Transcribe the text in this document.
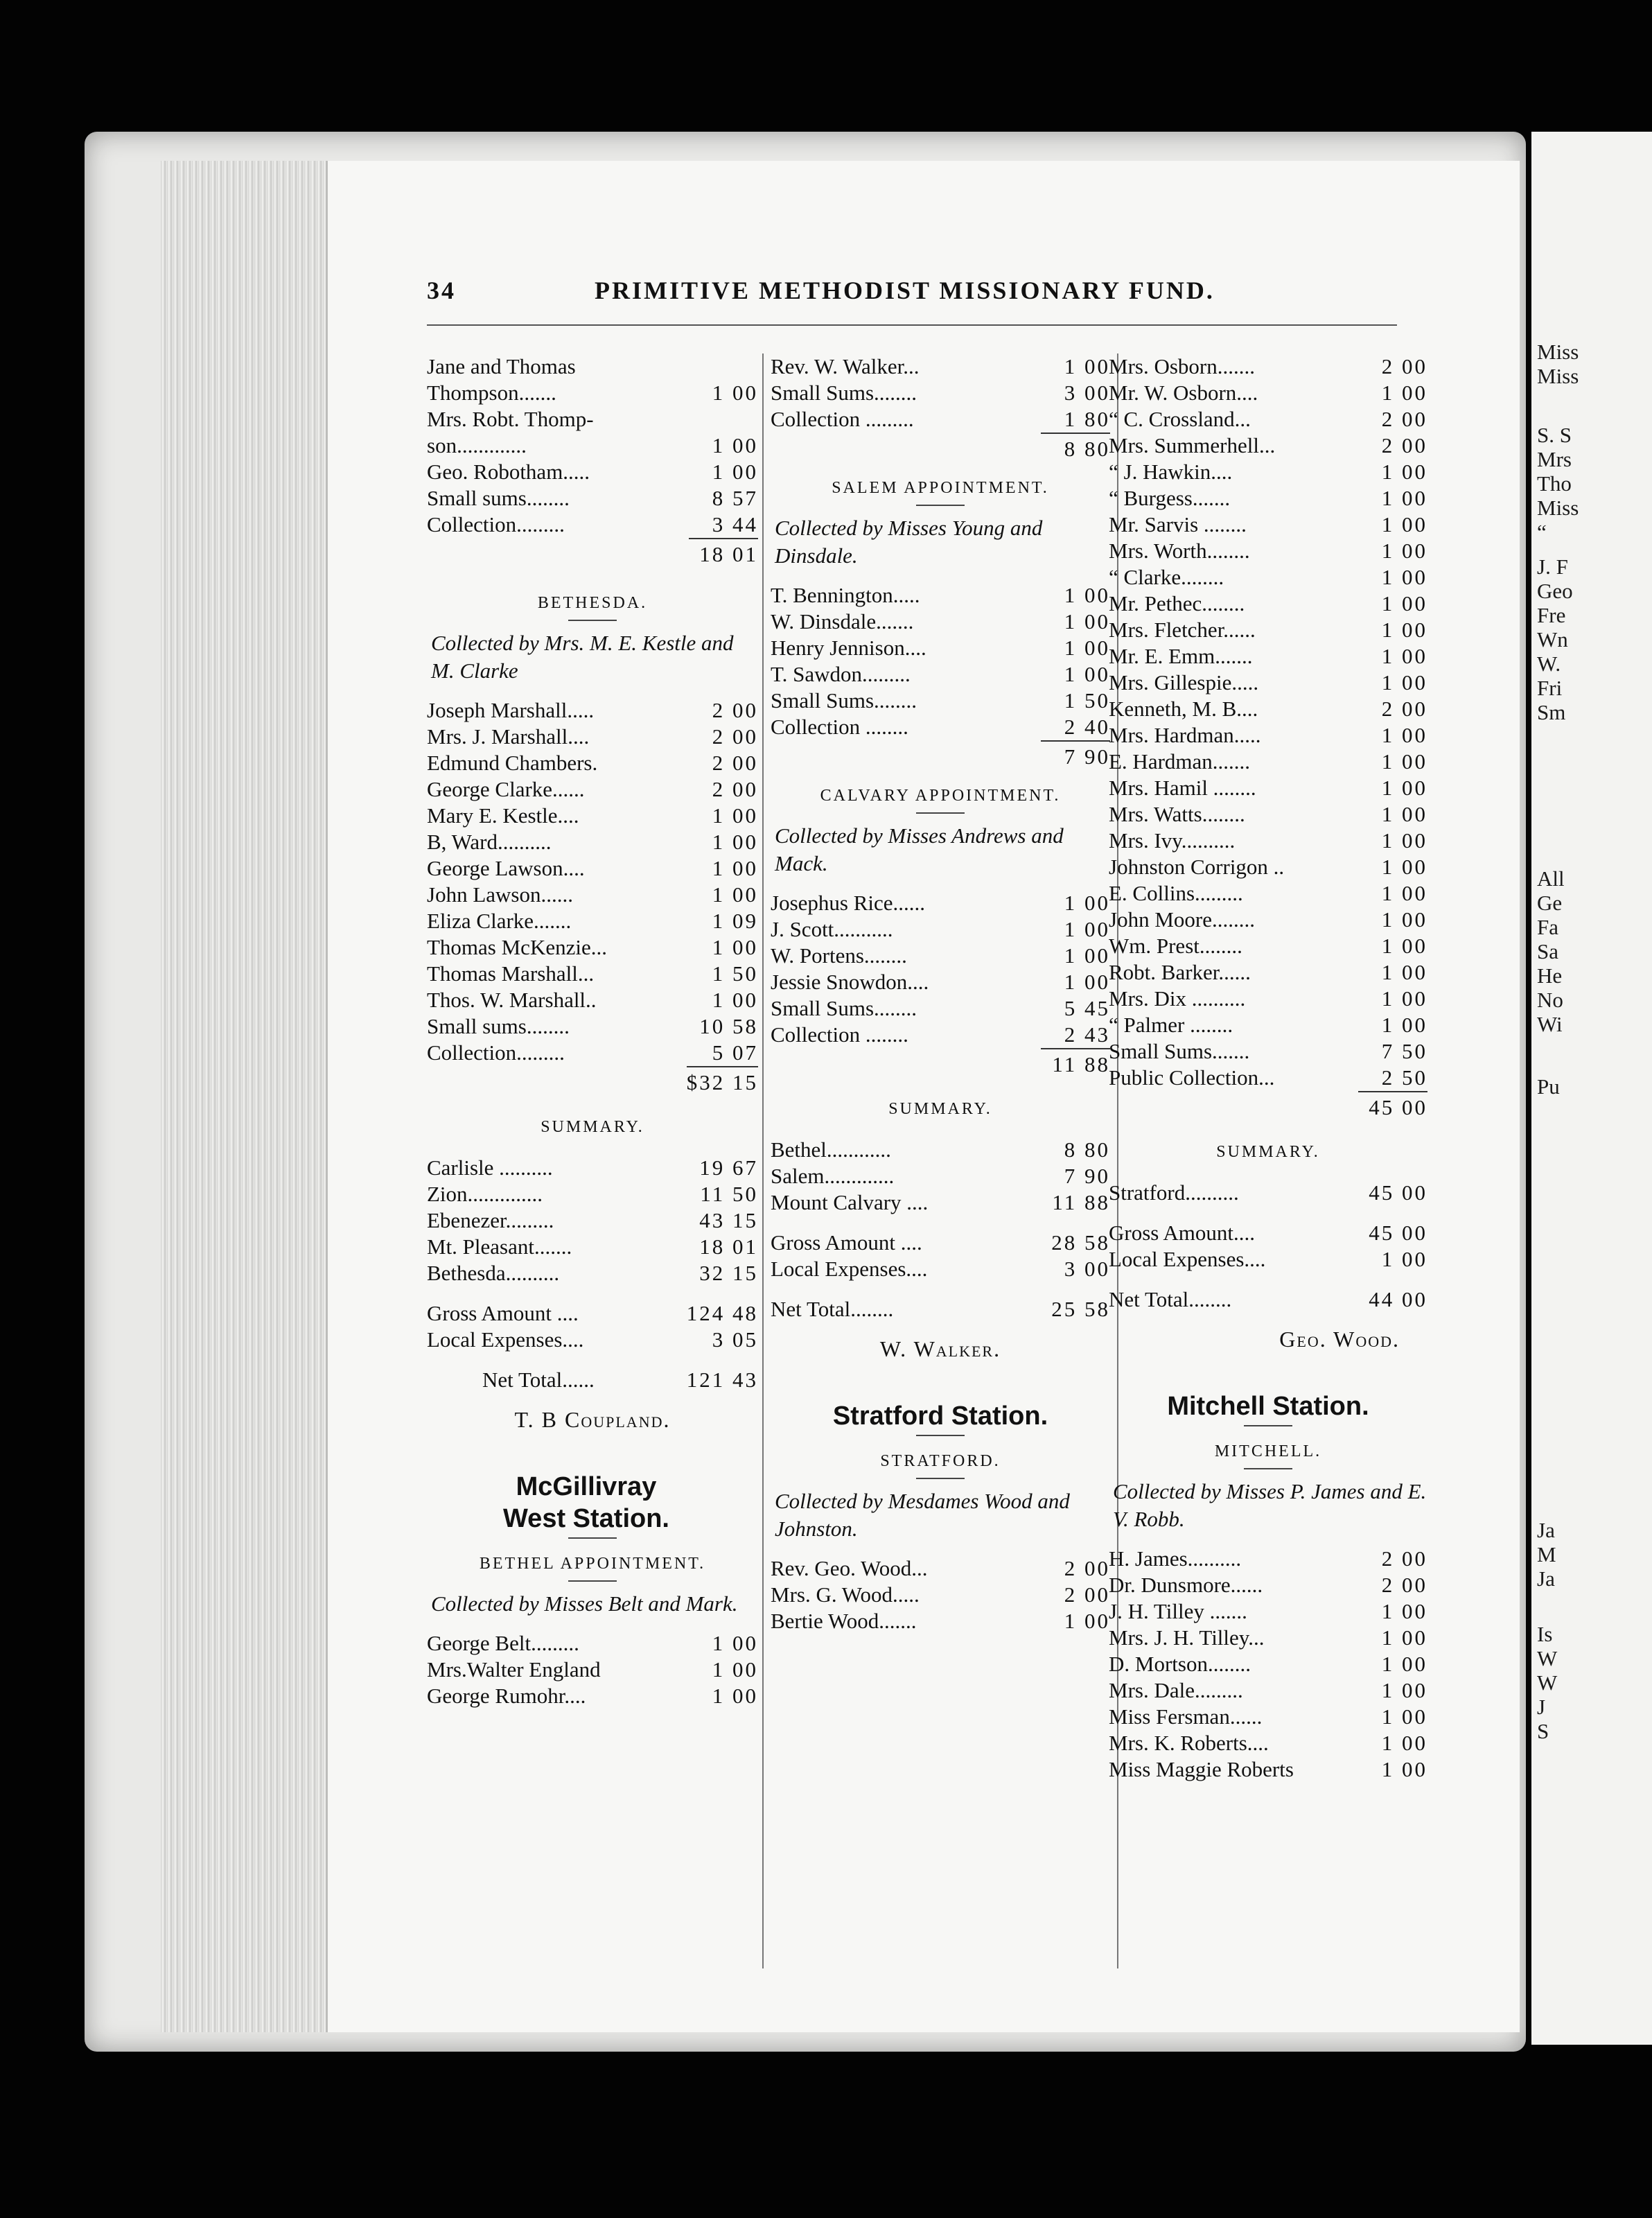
Miss
Miss
S. S
Mrs
Tho
Miss
“
J. F
Geo
Fre
Wn
W.
Fri
Sm
All
Ge
Fa
Sa
He
No
Wi
Pu
Ja
M
Ja
Is
W
W
J
S
34	PRIMITIVE METHODIST MISSIONARY FUND.
Jane and Thomas
Thompson.......	1 00
Mrs. Robt. Thomp-
son.............	1 00
Geo. Robotham.....	1 00
Small sums........	8 57
Collection.........	3 44
18 01
BETHESDA.
Collected by Mrs. M. E. Kestle and M. Clarke
Joseph Marshall.....	2 00
Mrs. J. Marshall....	2 00
Edmund Chambers.	2 00
George Clarke......	2 00
Mary E. Kestle....	1 00
B, Ward..........	1 00
George Lawson....	1 00
John Lawson......	1 00
Eliza Clarke.......	1 09
Thomas McKenzie...	1 00
Thomas Marshall...	1 50
Thos. W. Marshall..	1 00
Small sums........	10 58
Collection.........	5 07
$32 15
SUMMARY.
Carlisle ..........	19 67
Zion..............	11 50
Ebenezer.........	43 15
Mt. Pleasant.......	18 01
Bethesda..........	32 15
Gross Amount ....	124 48
Local Expenses....	3 05
Net Total......	121 43
T. B Coupland.
McGillivray West Station.
BETHEL APPOINTMENT.
Collected by Misses Belt and Mark.
George Belt.........	1 00
Mrs.Walter England	1 00
George Rumohr....	1 00
Rev. W. Walker...	1 00
Small Sums........	3 00
Collection .........	1 80
8 80
SALEM APPOINTMENT.
Collected by Misses Young and Dinsdale.
T. Bennington.....	1 00
W. Dinsdale.......	1 00
Henry Jennison....	1 00
T. Sawdon.........	1 00
Small Sums........	1 50
Collection ........	2 40
7 90
CALVARY APPOINTMENT.
Collected by Misses Andrews and Mack.
Josephus Rice......	1 00
J. Scott...........	1 00
W. Portens........	1 00
Jessie Snowdon....	1 00
Small Sums........	5 45
Collection ........	2 43
11 88
SUMMARY.
Bethel............	8 80
Salem.............	7 90
Mount Calvary ....	11 88
Gross Amount ....	28 58
Local Expenses....	3 00
Net Total........	25 58
W. Walker.
Stratford Station.
STRATFORD.
Collected by Mesdames Wood and Johnston.
Rev. Geo. Wood...	2 00
Mrs. G. Wood.....	2 00
Bertie Wood.......	1 00
Mrs. Osborn.......	2 00
Mr. W. Osborn....	1 00
“ C. Crossland...	2 00
Mrs. Summerhell...	2 00
“ J. Hawkin....	1 00
“ Burgess.......	1 00
Mr. Sarvis ........	1 00
Mrs. Worth........	1 00
“ Clarke........	1 00
Mr. Pethec........	1 00
Mrs. Fletcher......	1 00
Mr. E. Emm.......	1 00
Mrs. Gillespie.....	1 00
Kenneth, M. B....	2 00
Mrs. Hardman.....	1 00
E. Hardman.......	1 00
Mrs. Hamil ........	1 00
Mrs. Watts........	1 00
Mrs. Ivy..........	1 00
Johnston Corrigon ..	1 00
E. Collins.........	1 00
John Moore........	1 00
Wm. Prest........	1 00
Robt. Barker......	1 00
Mrs. Dix ..........	1 00
“ Palmer ........	1 00
Small Sums.......	7 50
Public Collection...	2 50
45 00
SUMMARY.
Stratford..........	45 00
Gross Amount....	45 00
Local Expenses....	1 00
Net Total........	44 00
Geo. Wood.
Mitchell Station.
MITCHELL.
Collected by Misses P. James and E. V. Robb.
H. James..........	2 00
Dr. Dunsmore......	2 00
J. H. Tilley .......	1 00
Mrs. J. H. Tilley...	1 00
D. Mortson........	1 00
Mrs. Dale.........	1 00
Miss Fersman......	1 00
Mrs. K. Roberts....	1 00
Miss Maggie Roberts	1 00
